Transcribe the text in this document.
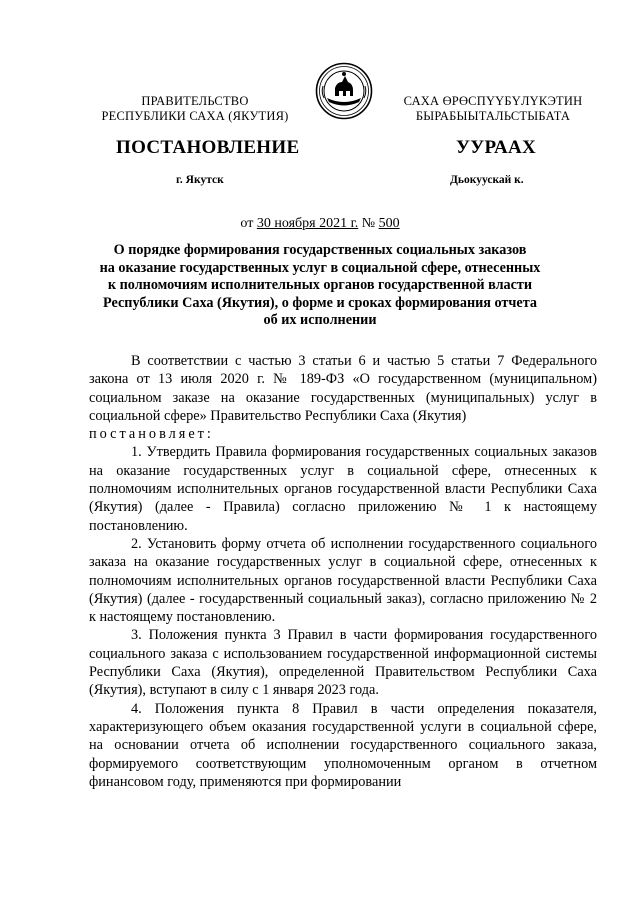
ПРАВИТЕЛЬСТВО
РЕСПУБЛИКИ САХА (ЯКУТИЯ)
САХА ӨРӨСПҮҮБҮЛҮКЭТИН
БЫРАБЫЫТАЛЬСТЫБАТА
ПОСТАНОВЛЕНИЕ	УУРААХ
г. Якутск	Дьокуускай к.
от 30 ноября 2021 г. № 500
О порядке формирования государственных социальных заказов
на оказание государственных услуг в социальной сфере, отнесенных
к полномочиям исполнительных органов государственной власти
Республики Саха (Якутия), о форме и сроках формирования отчета
об их исполнении

В соответствии с частью 3 статьи 6 и частью 5 статьи 7 Федерального закона от 13 июля 2020 г. № 189-ФЗ «О государственном (муниципальном) социальном заказе на оказание государственных (муниципальных) услуг в социальной сфере» Правительство Республики Саха (Якутия)

постановляет:

1. Утвердить Правила формирования государственных социальных заказов на оказание государственных услуг в социальной сфере, отнесенных к полномочиям исполнительных органов государственной власти Республики Саха (Якутия) (далее - Правила) согласно приложению № 1 к настоящему постановлению.

2. Установить форму отчета об исполнении государственного социального заказа на оказание государственных услуг в социальной сфере, отнесенных к полномочиям исполнительных органов государственной власти Республики Саха (Якутия) (далее - государственный социальный заказ), согласно приложению № 2 к настоящему постановлению.

3. Положения пункта 3 Правил в части формирования государственного социального заказа с использованием государственной информационной системы Республики Саха (Якутия), определенной Правительством Республики Саха (Якутия), вступают в силу с 1 января 2023 года.

4. Положения пункта 8 Правил в части определения показателя, характеризующего объем оказания государственной услуги в социальной сфере, на основании отчета об исполнении государственного социального заказа, формируемого соответствующим уполномоченным органом в отчетном финансовом году, применяются при формировании
